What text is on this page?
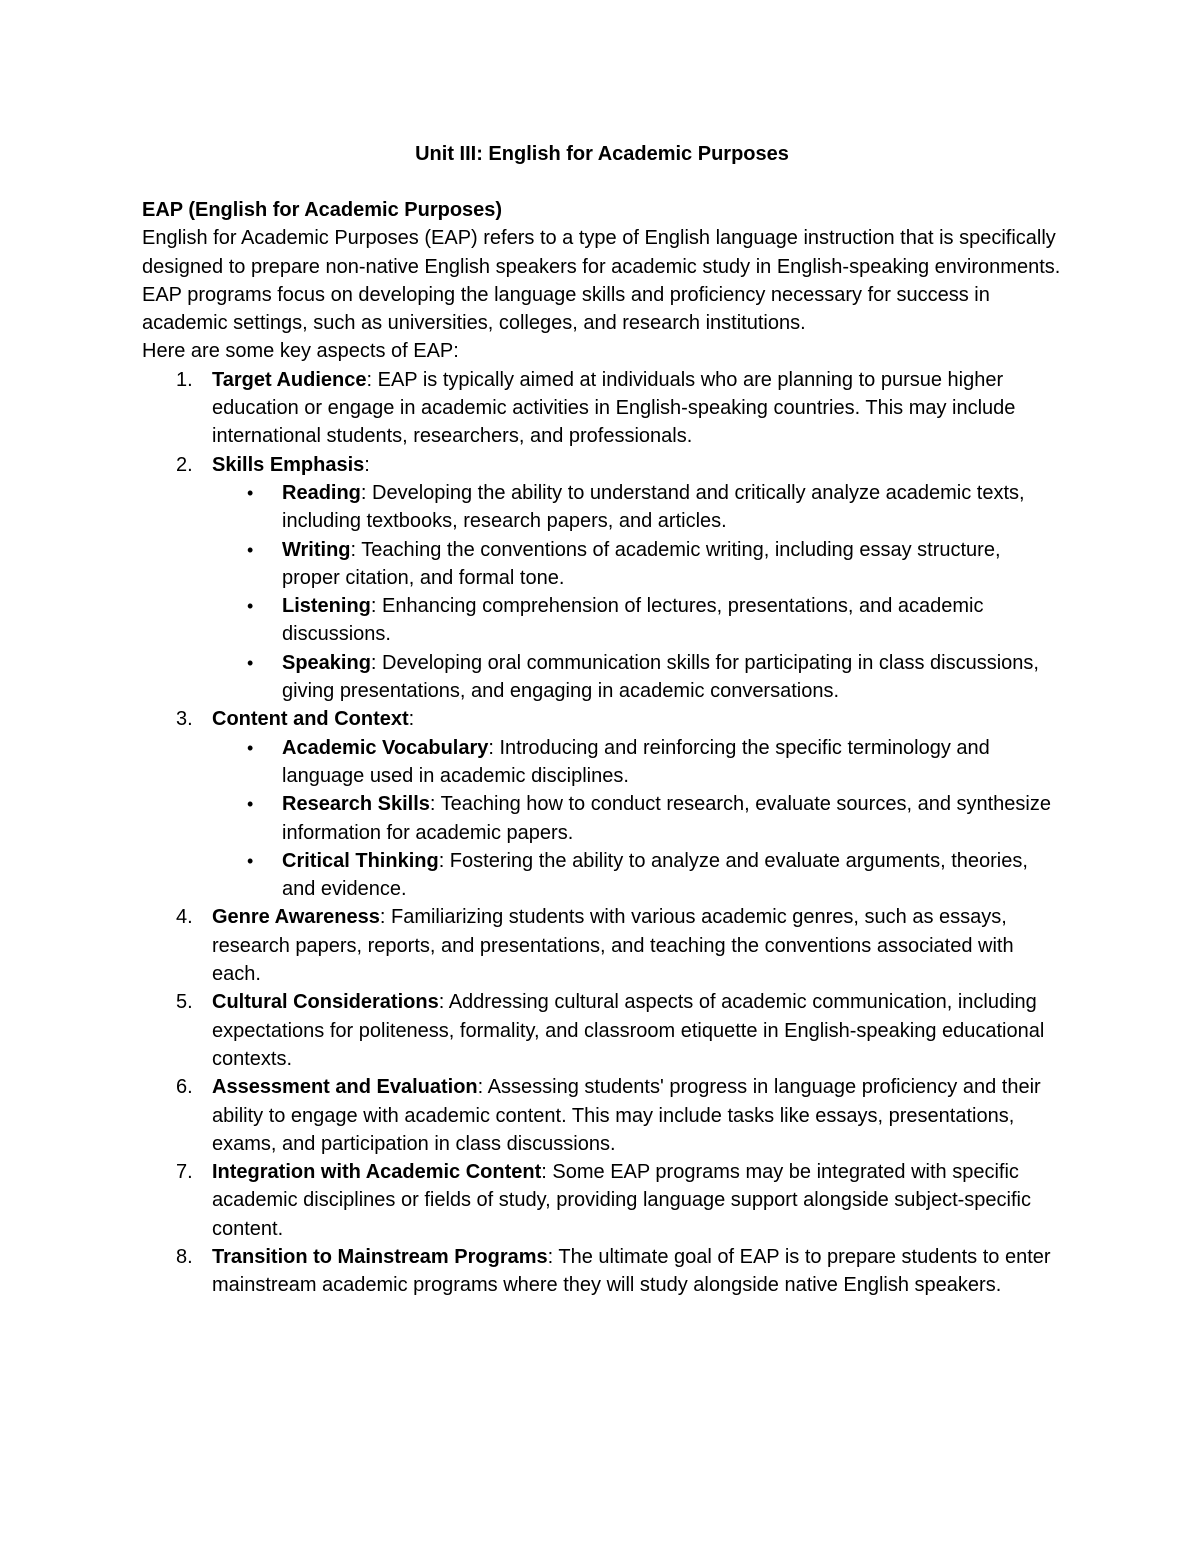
Unit III: English for Academic Purposes

EAP (English for Academic Purposes)

English for Academic Purposes (EAP) refers to a type of English language instruction that is specifically designed to prepare non-native English speakers for academic study in English-speaking environments. EAP programs focus on developing the language skills and proficiency necessary for success in academic settings, such as universities, colleges, and research institutions.

Here are some key aspects of EAP:

1. Target Audience: EAP is typically aimed at individuals who are planning to pursue higher education or engage in academic activities in English-speaking countries. This may include international students, researchers, and professionals.
2. Skills Emphasis:
• Reading: Developing the ability to understand and critically analyze academic texts, including textbooks, research papers, and articles.
• Writing: Teaching the conventions of academic writing, including essay structure, proper citation, and formal tone.
• Listening: Enhancing comprehension of lectures, presentations, and academic discussions.
• Speaking: Developing oral communication skills for participating in class discussions, giving presentations, and engaging in academic conversations.
3. Content and Context:
• Academic Vocabulary: Introducing and reinforcing the specific terminology and language used in academic disciplines.
• Research Skills: Teaching how to conduct research, evaluate sources, and synthesize information for academic papers.
• Critical Thinking: Fostering the ability to analyze and evaluate arguments, theories, and evidence.
4. Genre Awareness: Familiarizing students with various academic genres, such as essays, research papers, reports, and presentations, and teaching the conventions associated with each.
5. Cultural Considerations: Addressing cultural aspects of academic communication, including expectations for politeness, formality, and classroom etiquette in English-speaking educational contexts.
6. Assessment and Evaluation: Assessing students' progress in language proficiency and their ability to engage with academic content. This may include tasks like essays, presentations, exams, and participation in class discussions.
7. Integration with Academic Content: Some EAP programs may be integrated with specific academic disciplines or fields of study, providing language support alongside subject-specific content.
8. Transition to Mainstream Programs: The ultimate goal of EAP is to prepare students to enter mainstream academic programs where they will study alongside native English speakers.
